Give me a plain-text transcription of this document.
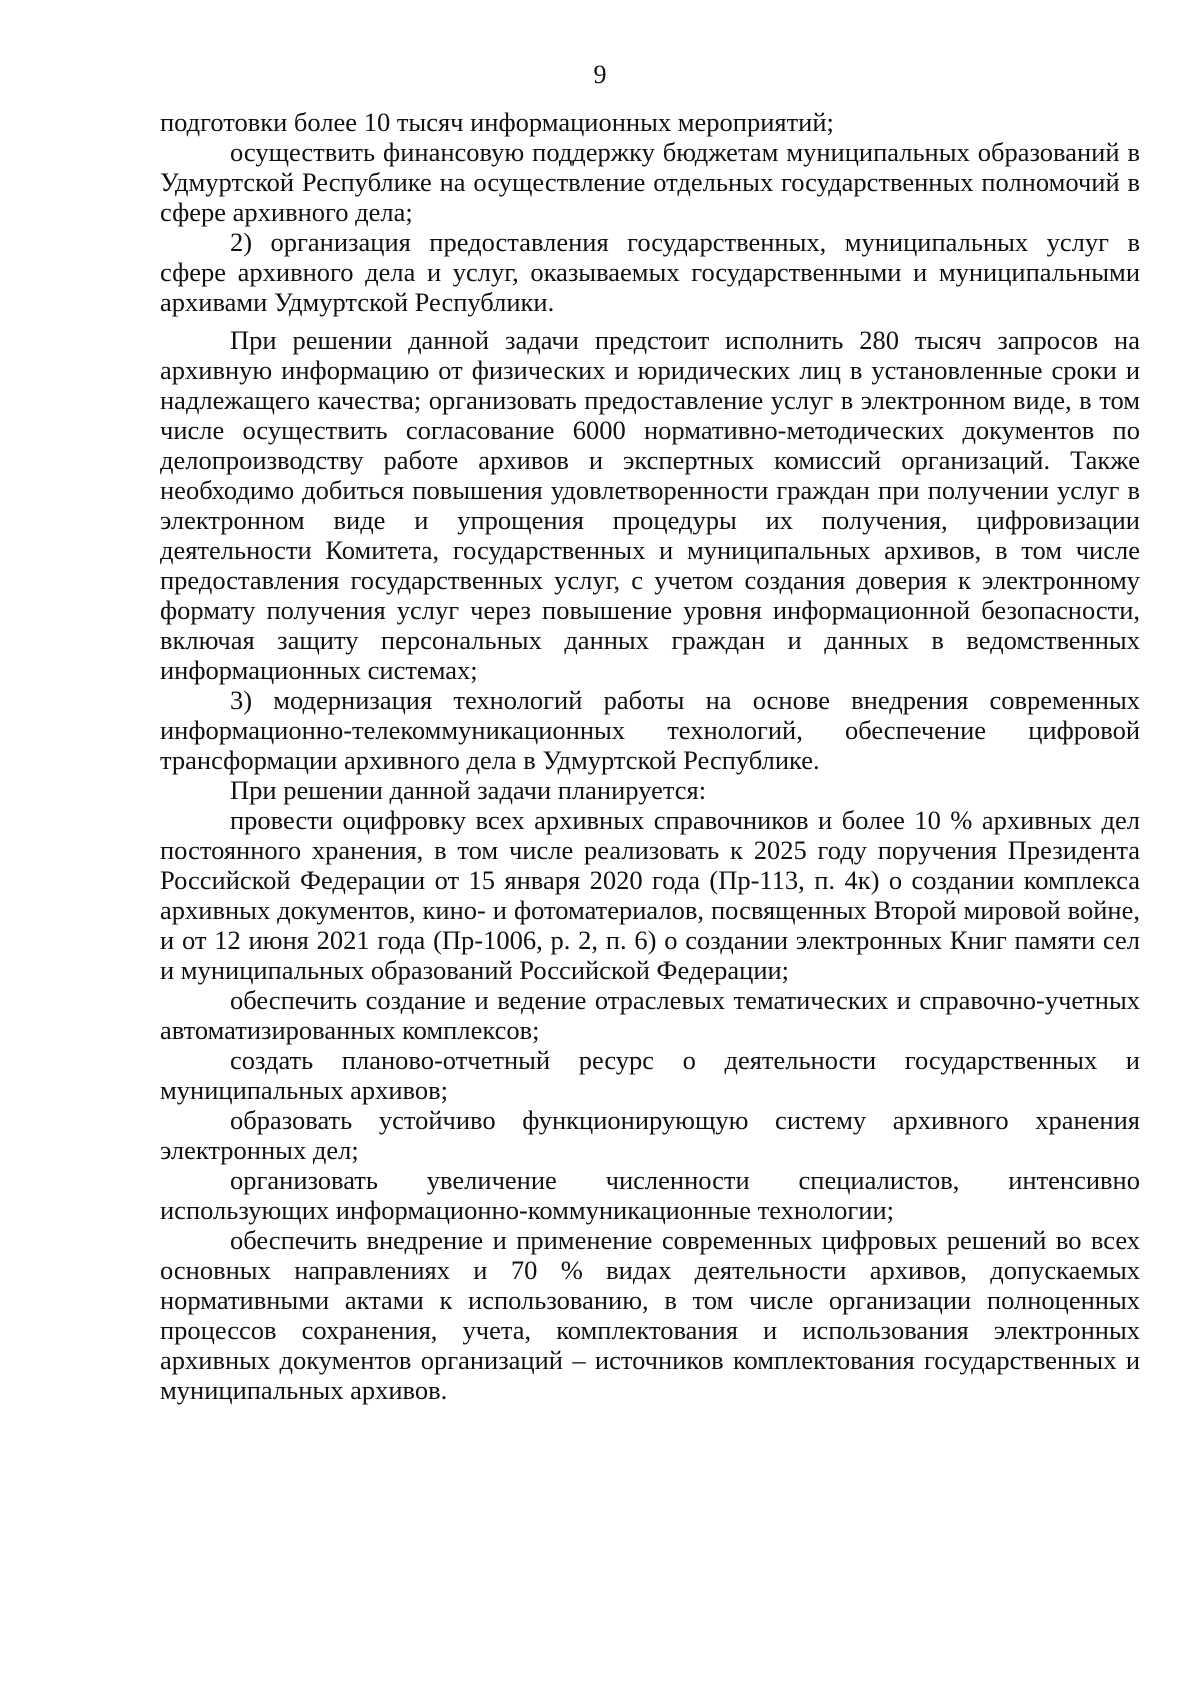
9

подготовки более 10 тысяч информационных мероприятий;

осуществить финансовую поддержку бюджетам муниципальных образований в Удмуртской Республике на осуществление отдельных государственных полномочий в сфере архивного дела;

2) организация предоставления государственных, муниципальных услуг в сфере архивного дела и услуг, оказываемых государственными и муниципальными архивами Удмуртской Республики.

При решении данной задачи предстоит исполнить 280 тысяч запросов на архивную информацию от физических и юридических лиц в установленные сроки и надлежащего качества; организовать предоставление услуг в электронном виде, в том числе осуществить согласование 6000 нормативно-методических документов по делопроизводству работе архивов и экспертных комиссий организаций. Также необходимо добиться повышения удовлетворенности граждан при получении услуг в электронном виде и упрощения процедуры их получения, цифровизации деятельности Комитета, государственных и муниципальных архивов, в том числе предоставления государственных услуг, с учетом создания доверия к электронному формату получения услуг через повышение уровня информационной безопасности, включая защиту персональных данных граждан и данных в ведомственных информационных системах;

3) модернизация технологий работы на основе внедрения современных информационно-телекоммуникационных технологий, обеспечение цифровой трансформации архивного дела в Удмуртской Республике.

При решении данной задачи планируется:

провести оцифровку всех архивных справочников и более 10 % архивных дел постоянного хранения, в том числе реализовать к 2025 году поручения Президента Российской Федерации от 15 января 2020 года (Пр-113, п. 4к) о создании комплекса архивных документов, кино- и фотоматериалов, посвященных Второй мировой войне, и от 12 июня 2021 года (Пр-1006, р. 2, п. 6) о создании электронных Книг памяти сел и муниципальных образований Российской Федерации;

обеспечить создание и ведение отраслевых тематических и справочно-учетных автоматизированных комплексов;

создать планово-отчетный ресурс о деятельности государственных и муниципальных архивов;

образовать устойчиво функционирующую систему архивного хранения электронных дел;

организовать увеличение численности специалистов, интенсивно использующих информационно-коммуникационные технологии;

обеспечить внедрение и применение современных цифровых решений во всех основных направлениях и 70 % видах деятельности архивов, допускаемых нормативными актами к использованию, в том числе организации полноценных процессов сохранения, учета, комплектования и использования электронных архивных документов организаций – источников комплектования государственных и муниципальных архивов.
